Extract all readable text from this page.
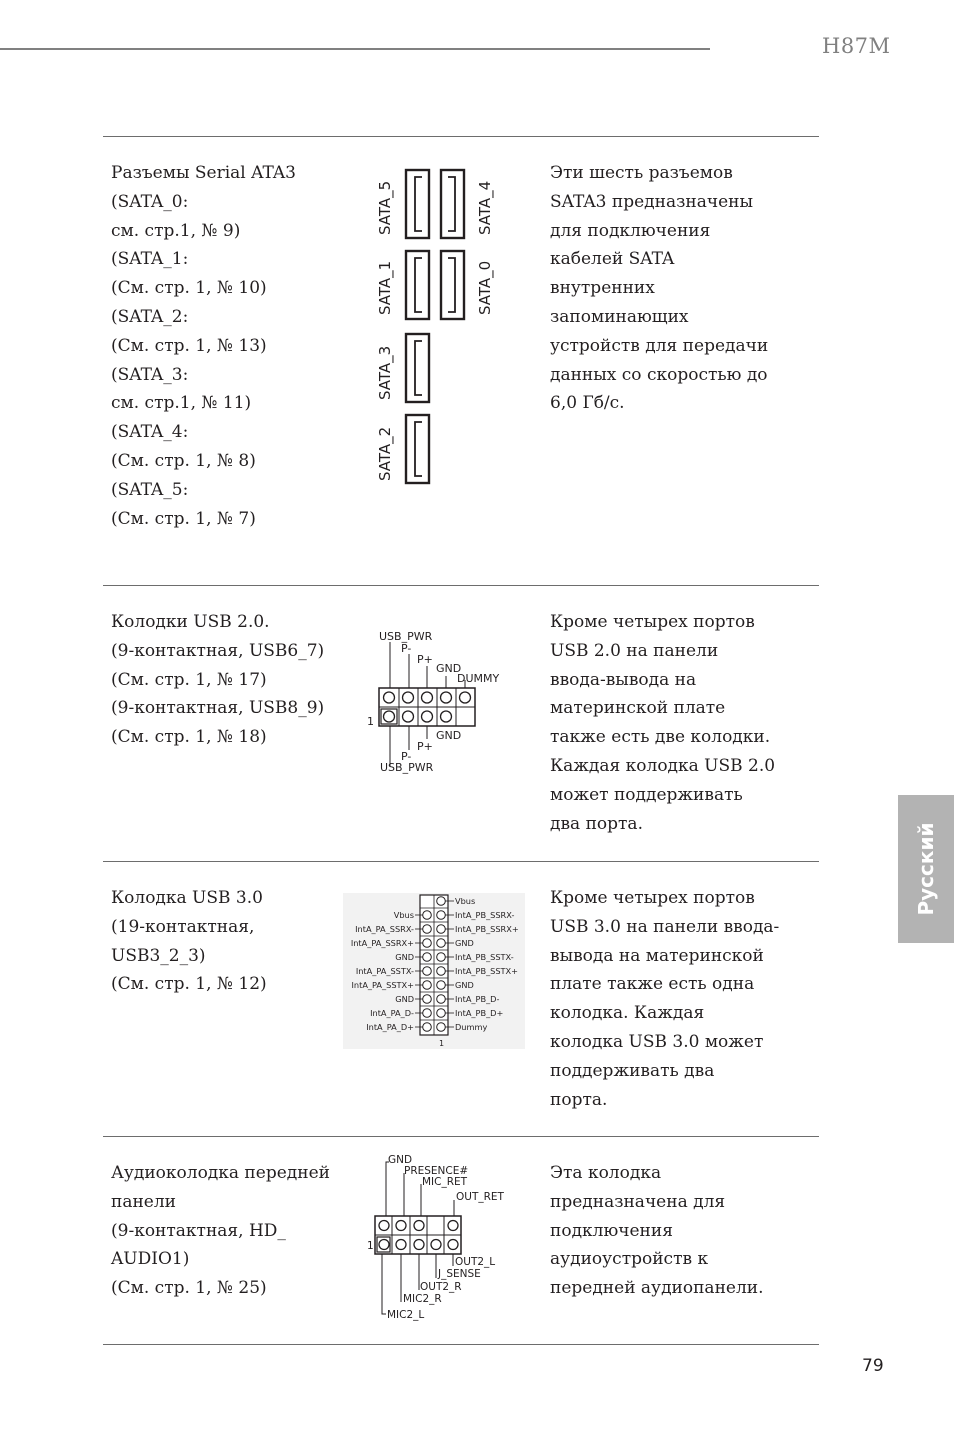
H87M
Разъемы Serial ATA3
(SATA_0:
см. стр.1, № 9)
(SATA_1:
(См. стр. 1, № 10)
(SATA_2:
(См. стр. 1, № 13)
(SATA_3:
см. стр.1, № 11)
(SATA_4:
(См. стр. 1, № 8)
(SATA_5:
(См. стр. 1, № 7)
Эти шесть разъемов
SATA3 предназначены
для подключения
кабелей SATA
внутренних
запоминающих
устройств для передачи
данных со скоростью до
6,0 Гб/с.
SATA_5
SATA_1
SATA_3
SATA_2
SATA_4
SATA_0
Колодки USB 2.0.
(9-контактная, USB6_7)
(См. стр. 1, № 17)
(9-контактная, USB8_9)
(См. стр. 1, № 18)
Кроме четырех портов
USB 2.0 на панели
ввода-вывода на
материнской плате
также есть две колодки.
Каждая колодка USB 2.0
может поддерживать
два порта.
USB_PWR
P-
P+
GND
DUMMY
1
GND
P+
P-
USB_PWR
Колодка USB 3.0
(19-контактная,
USB3_2_3)
(См. стр. 1, № 12)
Кроме четырех портов
USB 3.0 на панели ввода-
вывода на материнской
плате также есть одна
колодка. Каждая
колодка USB 3.0 может
поддерживать два
порта.
1
Vbus
IntA_PB_SSRX-
IntA_PB_SSRX+
GND
IntA_PB_SSTX-
IntA_PB_SSTX+
GND
IntA_PB_D-
IntA_PB_D+
Dummy
Vbus
IntA_PA_SSRX-
IntA_PA_SSRX+
GND
IntA_PA_SSTX-
IntA_PA_SSTX+
GND
IntA_PA_D-
IntA_PA_D+
Аудиоколодка передней
панели
(9-контактная, HD_
AUDIO1)
(См. стр. 1, № 25)
Эта колодка
предназначена для
подключения
аудиоустройств к
передней аудиопанели.
GND
PRESENCE#
MIC_RET
OUT_RET
1
OUT2_L
J_SENSE
OUT2_R
MIC2_R
MIC2_L
Русский
79
